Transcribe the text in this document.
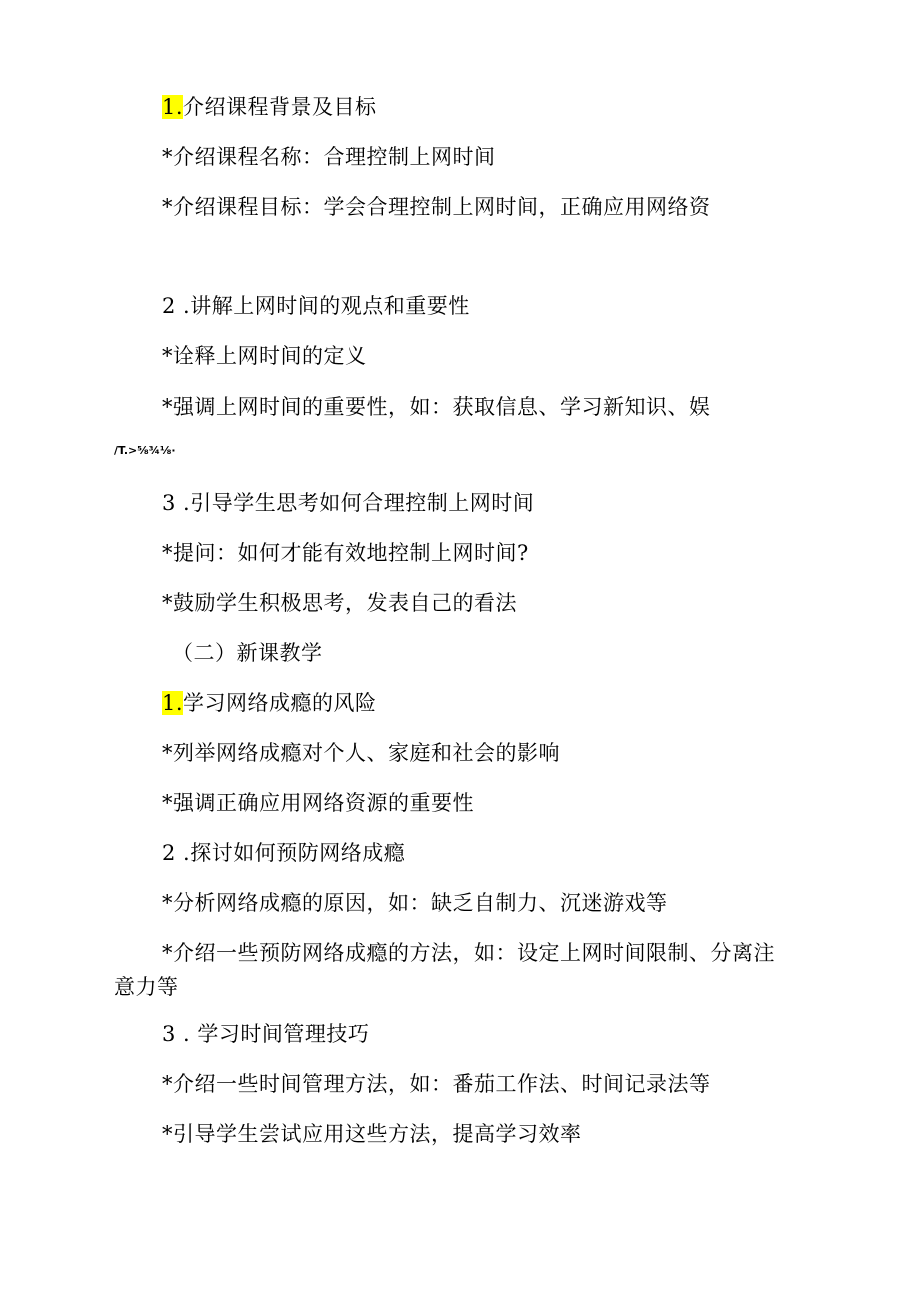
1.介绍课程背景及目标
*介绍课程名称：合理控制上网时间
*介绍课程目标：学会合理控制上网时间，正确应用网络资
2 .讲解上网时间的观点和重要性
*诠释上网时间的定义
*强调上网时间的重要性，如：获取信息、学习新知识、娱
/T.>⅝¾⅛·
3 .引导学生思考如何合理控制上网时间
*提问：如何才能有效地控制上网时间?
*鼓励学生积极思考，发表自己的看法
（二）新课教学
1.学习网络成瘾的风险
*列举网络成瘾对个人、家庭和社会的影响
*强调正确应用网络资源的重要性
2 .探讨如何预防网络成瘾
*分析网络成瘾的原因，如：缺乏自制力、沉迷游戏等
*介绍一些预防网络成瘾的方法，如：设定上网时间限制、分离注
意力等
3 . 学习时间管理技巧
*介绍一些时间管理方法，如：番茄工作法、时间记录法等
*引导学生尝试应用这些方法，提高学习效率
